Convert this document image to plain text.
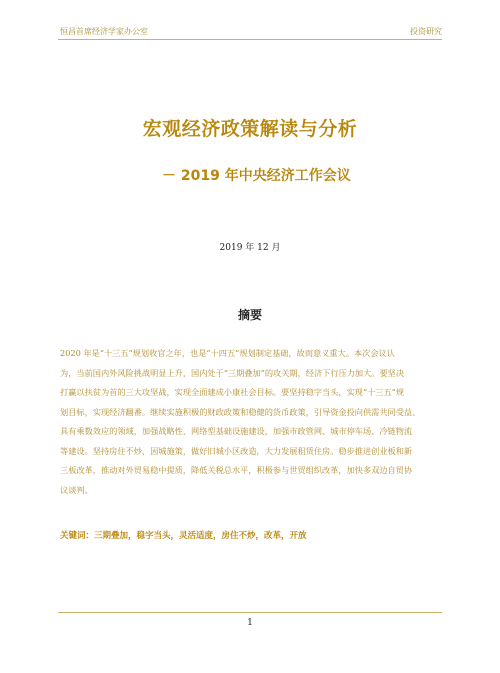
恒昌首席经济学家办公室	投资研究
宏观经济政策解读与分析
－ 2019 年中央经济工作会议
2019 年 12 月
摘要
2020 年是“十三五”规划收官之年，也是“十四五”规划制定基础，故而意义重大。本次会议认
为，当前国内外风险挑战明显上升，国内处于“三期叠加”的攻关期，经济下行压力加大。要坚决
打赢以扶贫为首的三大攻坚战，实现全面建成小康社会目标。要坚持稳字当头，实现“十三五”规
划目标，实现经济翻番。继续实施积极的财政政策和稳健的货币政策，引导资金投向供需共同受益、
具有乘数效应的领域，加强战略性、网络型基础设施建设，加强市政管网、城市停车场、冷链物流
等建设。坚持房住不炒，因城施策，做好旧城小区改造，大力发展租赁住房。稳步推进创业板和新
三板改革，推动对外贸易稳中提质，降低关税总水平，积极参与世贸组织改革，加快多双边自贸协
议谈判。
关键词：三期叠加，稳字当头，灵活适度，房住不炒，改革，开放
1
